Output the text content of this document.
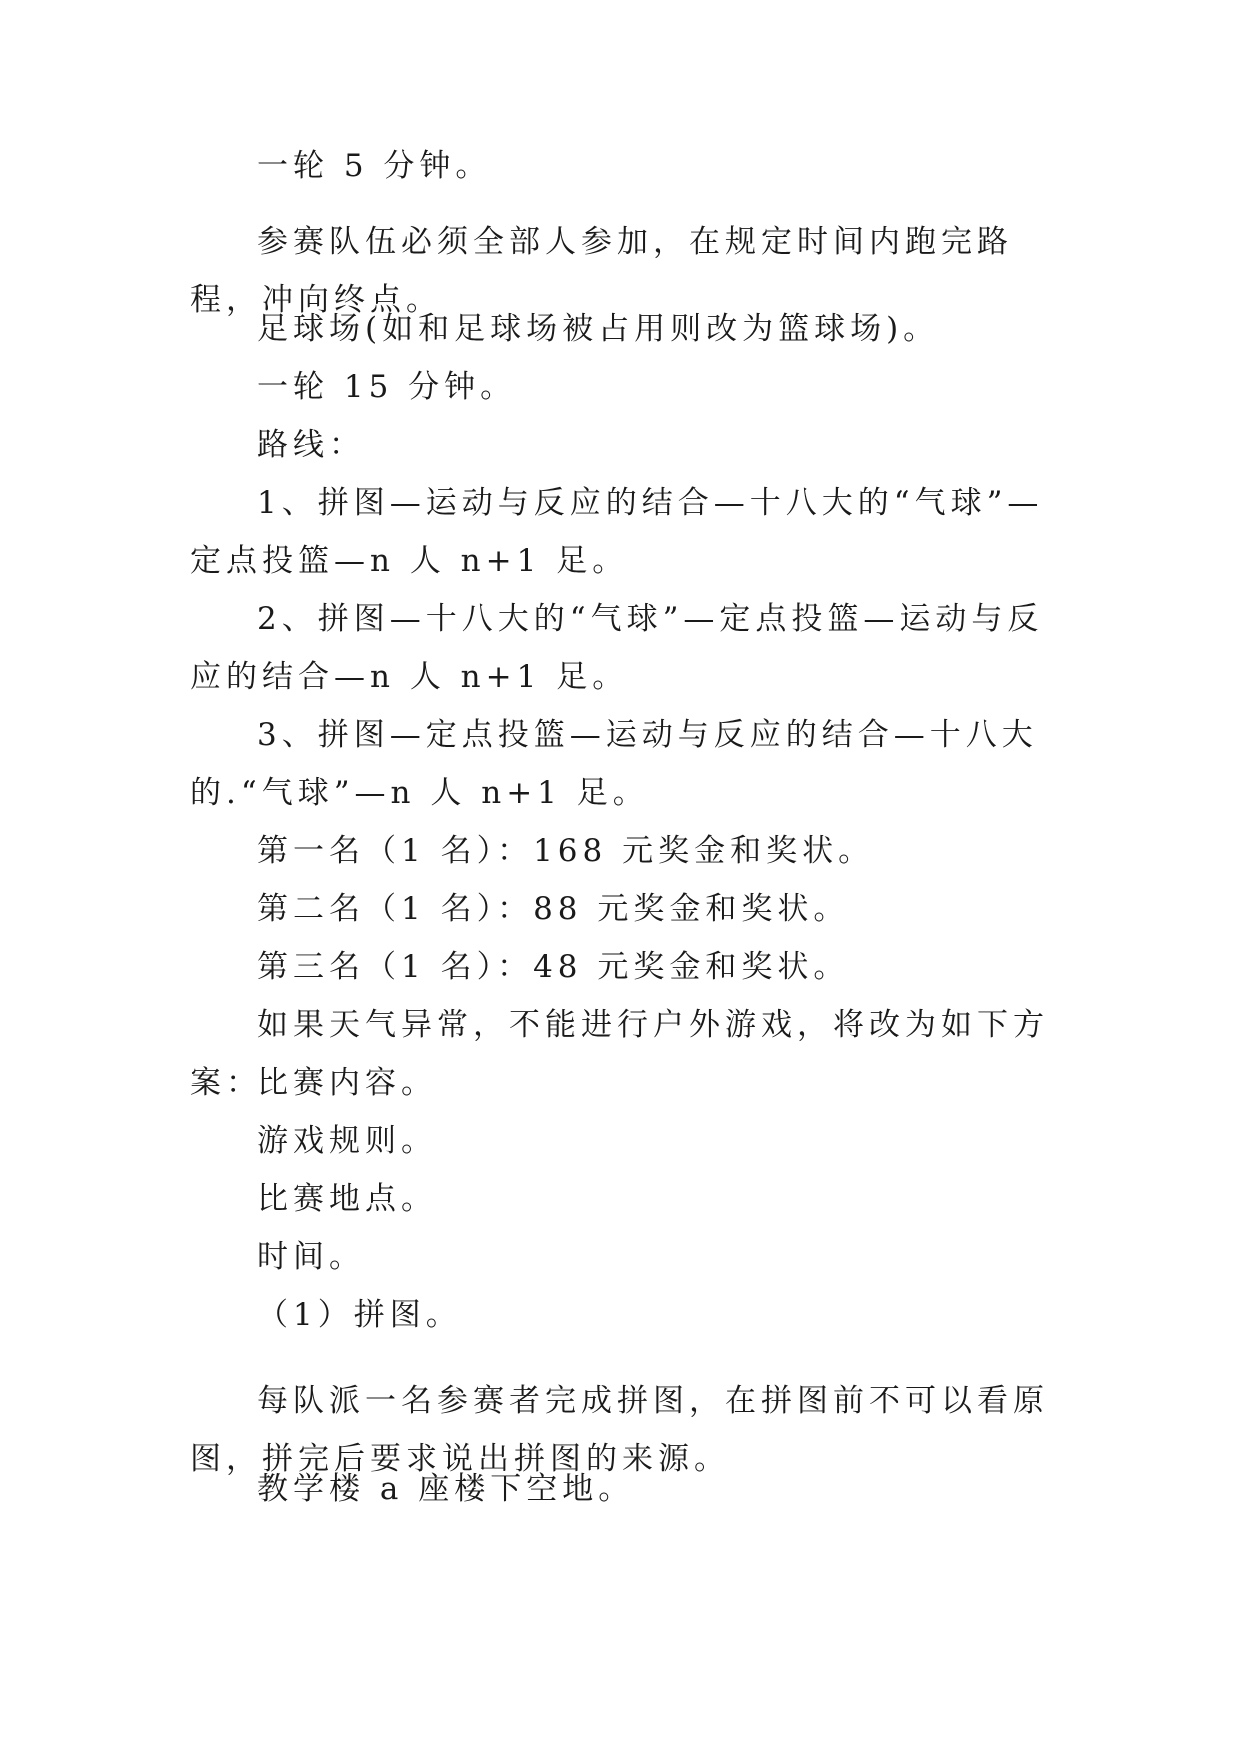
一轮 5 分钟。

参赛队伍必须全部人参加，在规定时间内跑完路程，冲向终点。

足球场(如和足球场被占用则改为篮球场)。

一轮 15 分钟。

路线：

1、拼图—运动与反应的结合—十八大的“气球”—定点投篮—n 人 n+1 足。

2、拼图—十八大的“气球”—定点投篮—运动与反应的结合—n 人 n+1 足。

3、拼图—定点投篮—运动与反应的结合—十八大的.“气球”—n 人 n+1 足。

第一名（1 名）：168 元奖金和奖状。

第二名（1 名）：88 元奖金和奖状。

第三名（1 名）：48 元奖金和奖状。

如果天气异常，不能进行户外游戏，将改为如下方案：

比赛内容。

游戏规则。

比赛地点。

时间。

（1）拼图。

每队派一名参赛者完成拼图，在拼图前不可以看原图，拼完后要求说出拼图的来源。

教学楼 a 座楼下空地。
